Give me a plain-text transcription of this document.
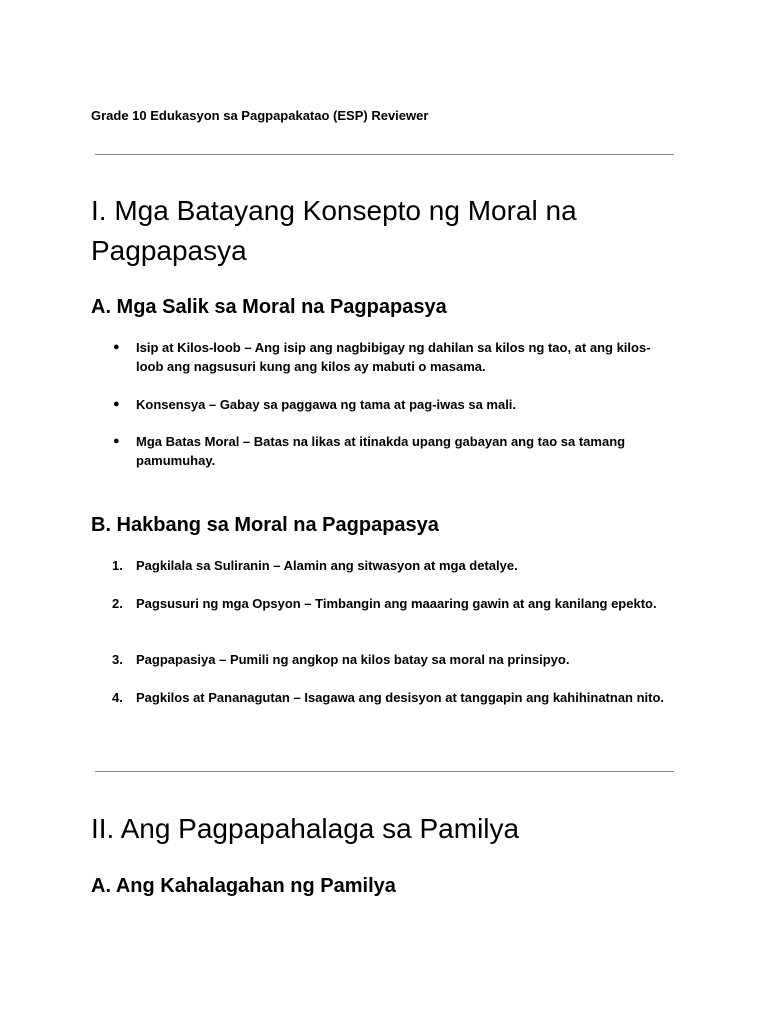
Grade 10 Edukasyon sa Pagpapakatao (ESP) Reviewer
I. Mga Batayang Konsepto ng Moral na Pagpapasya
A. Mga Salik sa Moral na Pagpapasya
● Isip at Kilos-loob – Ang isip ang nagbibigay ng dahilan sa kilos ng tao, at ang kilos-loob ang nagsusuri kung ang kilos ay mabuti o masama.
● Konsensya – Gabay sa paggawa ng tama at pag-iwas sa mali.
● Mga Batas Moral – Batas na likas at itinakda upang gabayan ang tao sa tamang pamumuhay.
B. Hakbang sa Moral na Pagpapasya
1. Pagkilala sa Suliranin – Alamin ang sitwasyon at mga detalye.
2. Pagsusuri ng mga Opsyon – Timbangin ang maaaring gawin at ang kanilang epekto.
3. Pagpapasiya – Pumili ng angkop na kilos batay sa moral na prinsipyo.
4. Pagkilos at Pananagutan – Isagawa ang desisyon at tanggapin ang kahihinatnan nito.
II. Ang Pagpapahalaga sa Pamilya
A. Ang Kahalagahan ng Pamilya
